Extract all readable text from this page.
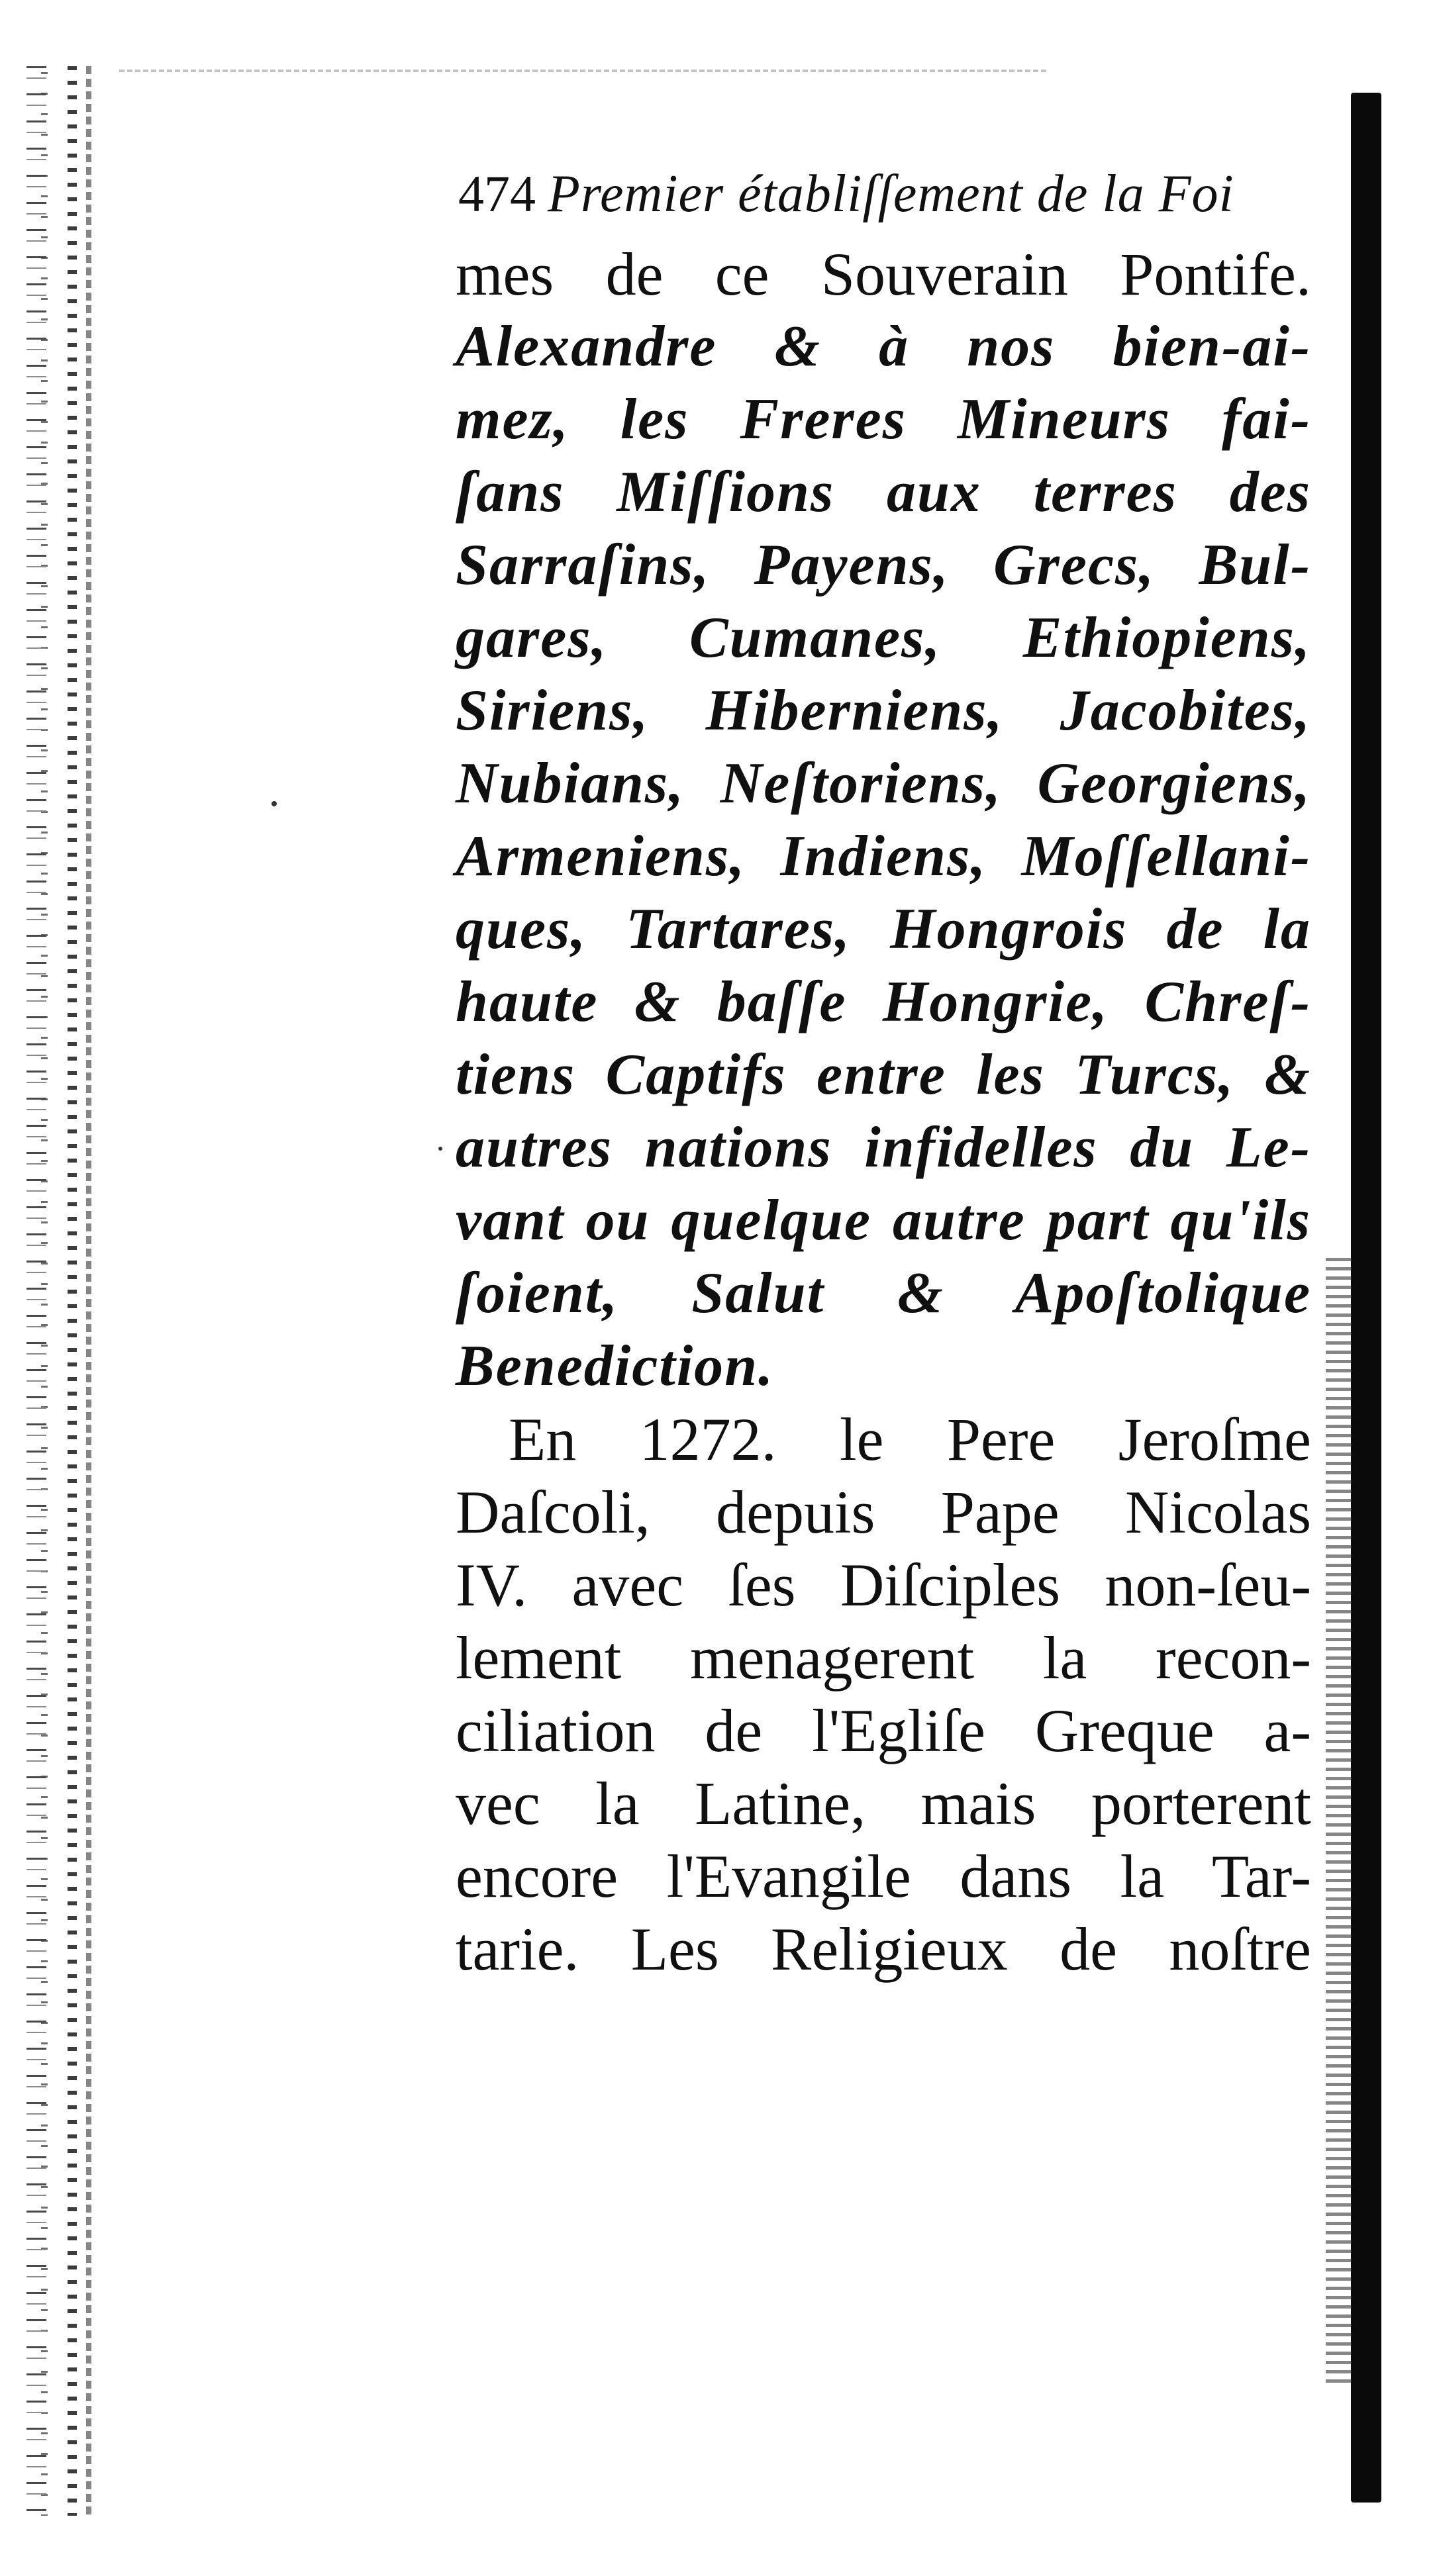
474 Premier établiſſement de la Foi
mes de ce Souverain Pontife.
Alexandre & à nos bien-ai-
mez, les Freres Mineurs fai-
ſans Miſſions aux terres des
Sarraſins, Payens, Grecs, Bul-
gares, Cumanes, Ethiopiens,
Siriens, Hiberniens, Jacobites,
Nubians, Neſtoriens, Georgiens,
Armeniens, Indiens, Moſſellani-
ques, Tartares, Hongrois de la
haute & baſſe Hongrie, Chreſ-
tiens Captifs entre les Turcs, &
autres nations infidelles du Le-
vant ou quelque autre part qu'ils
ſoient, Salut & Apoſtolique
Benediction.
En 1272. le Pere Jeroſme
Daſcoli, depuis Pape Nicolas
IV. avec ſes Diſciples non-ſeu-
lement menagerent la recon-
ciliation de l'Egliſe Greque a-
vec la Latine, mais porterent
encore l'Evangile dans la Tar-
tarie. Les Religieux de noſtre
